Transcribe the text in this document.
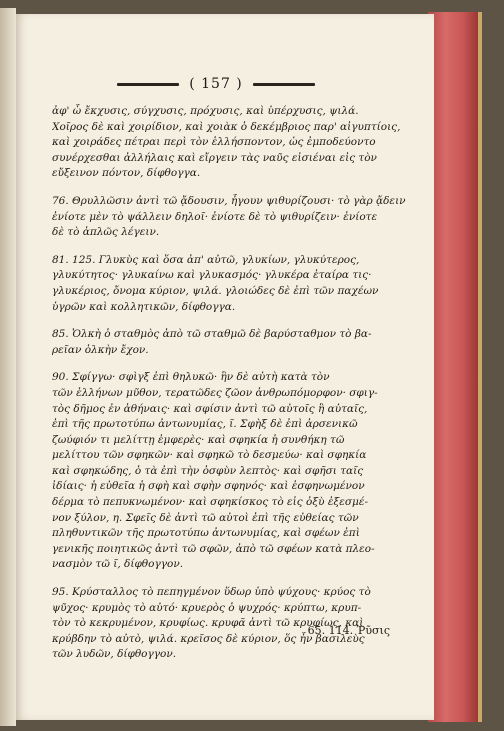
( 157 )
ἀφ' ὧ ἔκχυσις, σύγχυσις, πρόχυσις, καὶ ὑπέρχυσις, ψιλά.
Χοῖρος δὲ καὶ χοιρίδιον, καὶ χοιὰκ ὁ δεκέμβριος παρ' αἰγυπτίοις,
καὶ χοιράδες πέτραι περὶ τὸν ἑλλήσποντον, ὡς ἐμποδεύοντο
συνέρχεσθαι ἀλλήλαις καὶ εἴργειν τὰς ναῦς εἰσιέναι εἰς τὸν
εὔξεινον πόντον, δίφθογγα.
76. Θρυλλῶσιν ἀντὶ τῶ ᾄδουσιν, ἦγουν ψιθυρίζουσι· τὸ γὰρ ᾄδειν
ἐνίοτε μὲν τὸ ψάλλειν δηλοῖ· ἐνίοτε δὲ τὸ ψιθυρίζειν· ἐνίοτε
δὲ τὸ ἁπλῶς λέγειν.
81. 125. Γλυκὺς καὶ ὅσα ἀπ' αὐτῶ, γλυκίων, γλυκύτερος,
γλυκύτητος· γλυκαίνω καὶ γλυκασμός· γλυκέρα ἑταίρα τις·
γλυκέριος, ὄνομα κύριον, ψιλά. γλοιώδες δὲ ἐπὶ τῶν παχέων
ὑγρῶν καὶ κολλητικῶν, δίφθογγα.
85. Ὁλκὴ ὁ σταθμὸς ἀπὸ τῶ σταθμῶ δὲ βαρύσταθμον τὸ βα-
ρεῖαν ὁλκὴν ἔχον.
90. Σφίγγω· σφὶγξ ἐπὶ θηλυκῶ· ἣν δὲ αὐτὴ κατὰ τὸν
τῶν ἑλλήνων μῦθον, τερατῶδες ζῶον ἀνθρωπόμορφον· σφιγ-
τὸς δῆμος ἐν ἀθήναις· καὶ σφίσιν ἀντὶ τῶ αὐτοῖς ἢ αὐταῖς,
ἐπὶ τῆς πρωτοτύπω ἀντωνυμίας, ῖ. Σφὴξ δὲ ἐπὶ ἀρσενικῶ
ζωύφιόν τι μελίττῃ ἐμφερὲς· καὶ σφηκία ἡ συνθήκη τῶ
μελίττου τῶν σφηκῶν· καὶ σφηκῶ τὸ δεσμεύω· καὶ σφηκία
καὶ σφηκώδης, ὁ τὰ ἐπὶ τὴν ὀσφὺν λεπτὸς· καὶ σφῆσι ταῖς
ἰδίαις· ἡ εὐθεῖα ἡ σφὴ καὶ σφὴν σφηνός· καὶ ἐσφηνωμένον
δέρμα τὸ πεπυκνωμένον· καὶ σφηκίσκος τὸ εἰς ὀξὺ ἐξεσμέ-
νον ξύλον, η. Σφεῖς δὲ ἀντὶ τῶ αὐτοὶ ἐπὶ τῆς εὐθείας τῶν
πληθυντικῶν τῆς πρωτοτύπω ἀντωνυμίας, καὶ σφέων ἐπὶ
γενικῆς ποιητικῶς ἀντὶ τῶ σφῶν, ἀπὸ τῶ σφέων κατὰ πλεο-
νασμὸν τῶ ῖ, δίφθογγον.
95. Κρύσταλλος τὸ πεπηγμένον ὕδωρ ὑπὸ ψύχους· κρύος τὸ
ψῦχος· κρυμὸς τὸ αὐτό· κρυερὸς ὁ ψυχρός· κρύπτω, κρυπ-
τὸν τὸ κεκρυμένον, κρυφίως. κρυφᾶ ἀντὶ τῶ κρυφίως, καὶ
κρύβδην τὸ αὐτὸ, ψιλά. κρεῖσος δὲ κύριον, ὅς ἦν βασιλεὺς
τῶν λυδῶν, δίφθογγον.
65. 114. Ῥῦσις
